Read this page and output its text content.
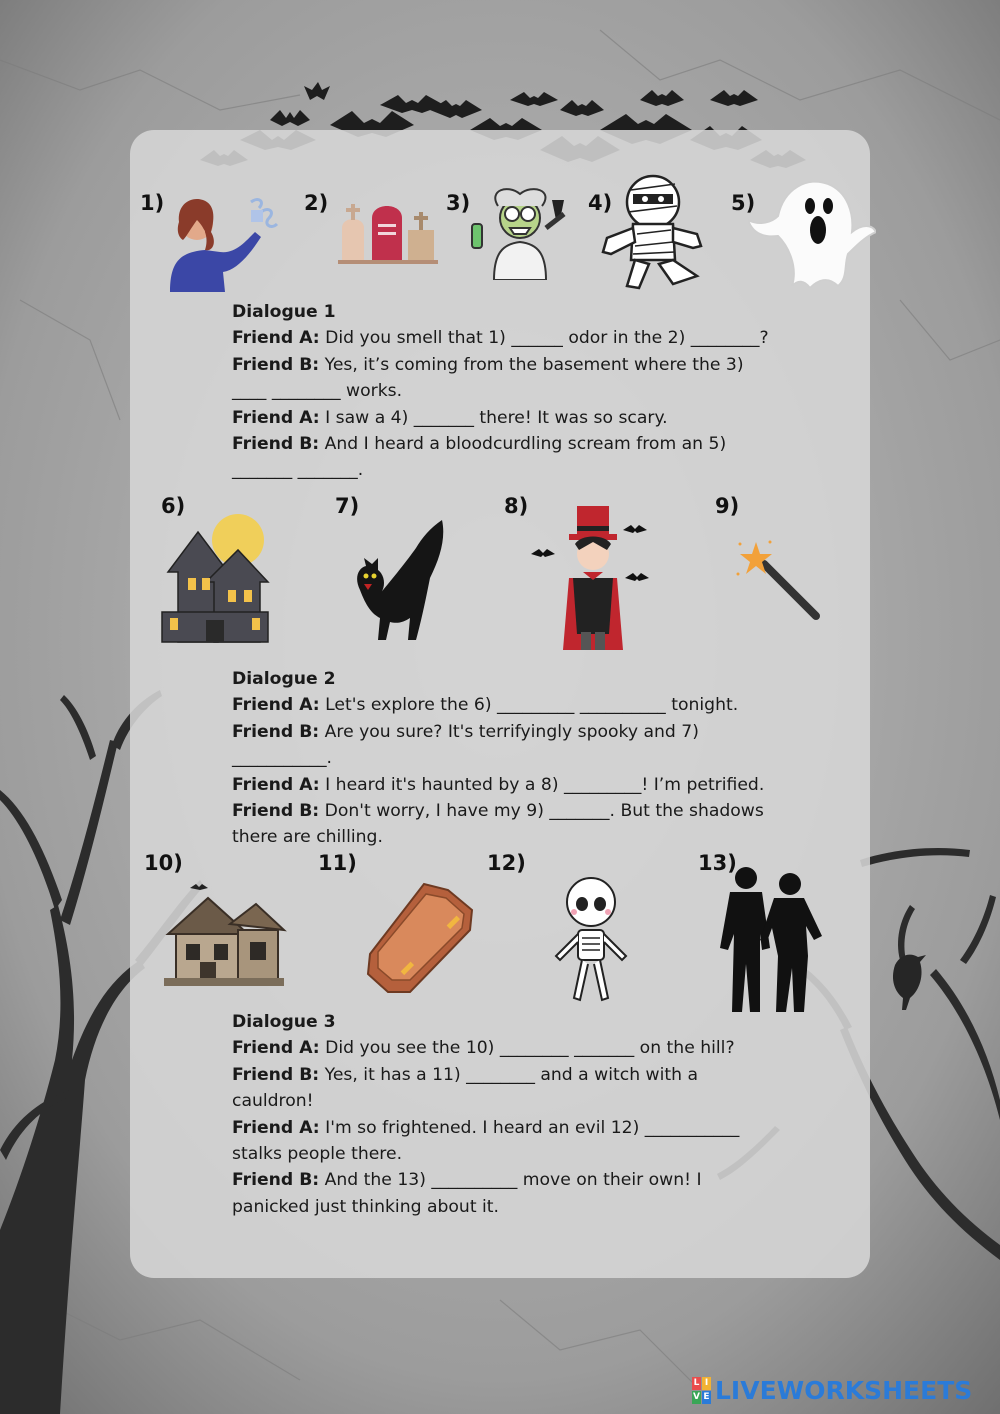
1)	2)	3)	4)	5)
Dialogue 1
Friend A: Did you smell that 1) ______ odor in the 2) ________?
Friend B: Yes, it’s coming from the basement where the 3) ____ ________ works.
Friend A: I saw a 4) _______ there! It was so scary.
Friend B: And I heard a bloodcurdling scream from an 5) _______ _______.
6)	7)	8)	9)
Dialogue 2
Friend A: Let's explore the 6) _________ __________ tonight.
Friend B: Are you sure? It's terrifyingly spooky and 7) ___________.
Friend A: I heard it's haunted by a 8) _________! I’m petrified.
Friend B: Don't worry, I have my 9) _______. But the shadows there are chilling.
10)	11)	12)	13)
Dialogue 3
Friend A: Did you see the 10) ________ _______ on the hill?
Friend B: Yes, it has a 11) ________ and a witch with a cauldron!
Friend A: I'm so frightened. I heard an evil 12) ___________ stalks people there.
Friend B: And the 13) __________ move on their own! I panicked just thinking about it.
L I
V E LIVEWORKSHEETS
